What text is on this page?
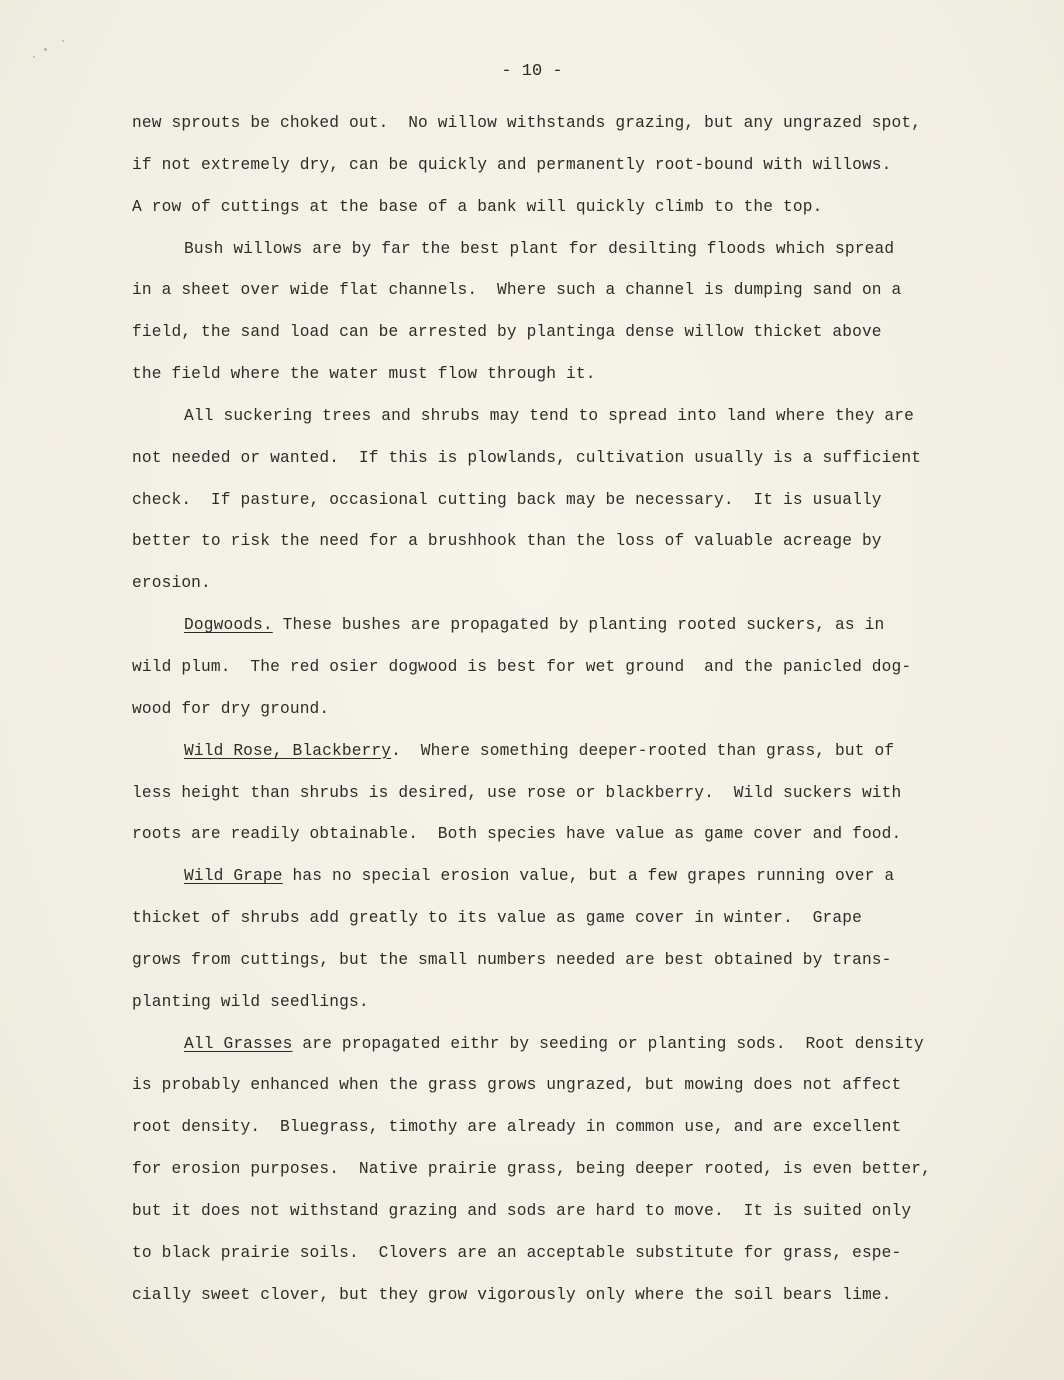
- 10 -
new sprouts be choked out.  No willow withstands grazing, but any ungrazed spot,
if not extremely dry, can be quickly and permanently root-bound with willows.
A row of cuttings at the base of a bank will quickly climb to the top.
Bush willows are by far the best plant for desilting floods which spread
in a sheet over wide flat channels.  Where such a channel is dumping sand on a
field, the sand load can be arrested by plantinga dense willow thicket above
the field where the water must flow through it.
All suckering trees and shrubs may tend to spread into land where they are
not needed or wanted.  If this is plowlands, cultivation usually is a sufficient
check.  If pasture, occasional cutting back may be necessary.  It is usually
better to risk the need for a brushhook than the loss of valuable acreage by
erosion.
Dogwoods. These bushes are propagated by planting rooted suckers, as in
wild plum.  The red osier dogwood is best for wet ground  and the panicled dog-
wood for dry ground.
Wild Rose, Blackberry.  Where something deeper-rooted than grass, but of
less height than shrubs is desired, use rose or blackberry.  Wild suckers with
roots are readily obtainable.  Both species have value as game cover and food.
Wild Grape has no special erosion value, but a few grapes running over a
thicket of shrubs add greatly to its value as game cover in winter.  Grape
grows from cuttings, but the small numbers needed are best obtained by trans-
planting wild seedlings.
All Grasses are propagated eithr by seeding or planting sods.  Root density
is probably enhanced when the grass grows ungrazed, but mowing does not affect
root density.  Bluegrass, timothy are already in common use, and are excellent
for erosion purposes.  Native prairie grass, being deeper rooted, is even better,
but it does not withstand grazing and sods are hard to move.  It is suited only
to black prairie soils.  Clovers are an acceptable substitute for grass, espe-
cially sweet clover, but they grow vigorously only where the soil bears lime.
